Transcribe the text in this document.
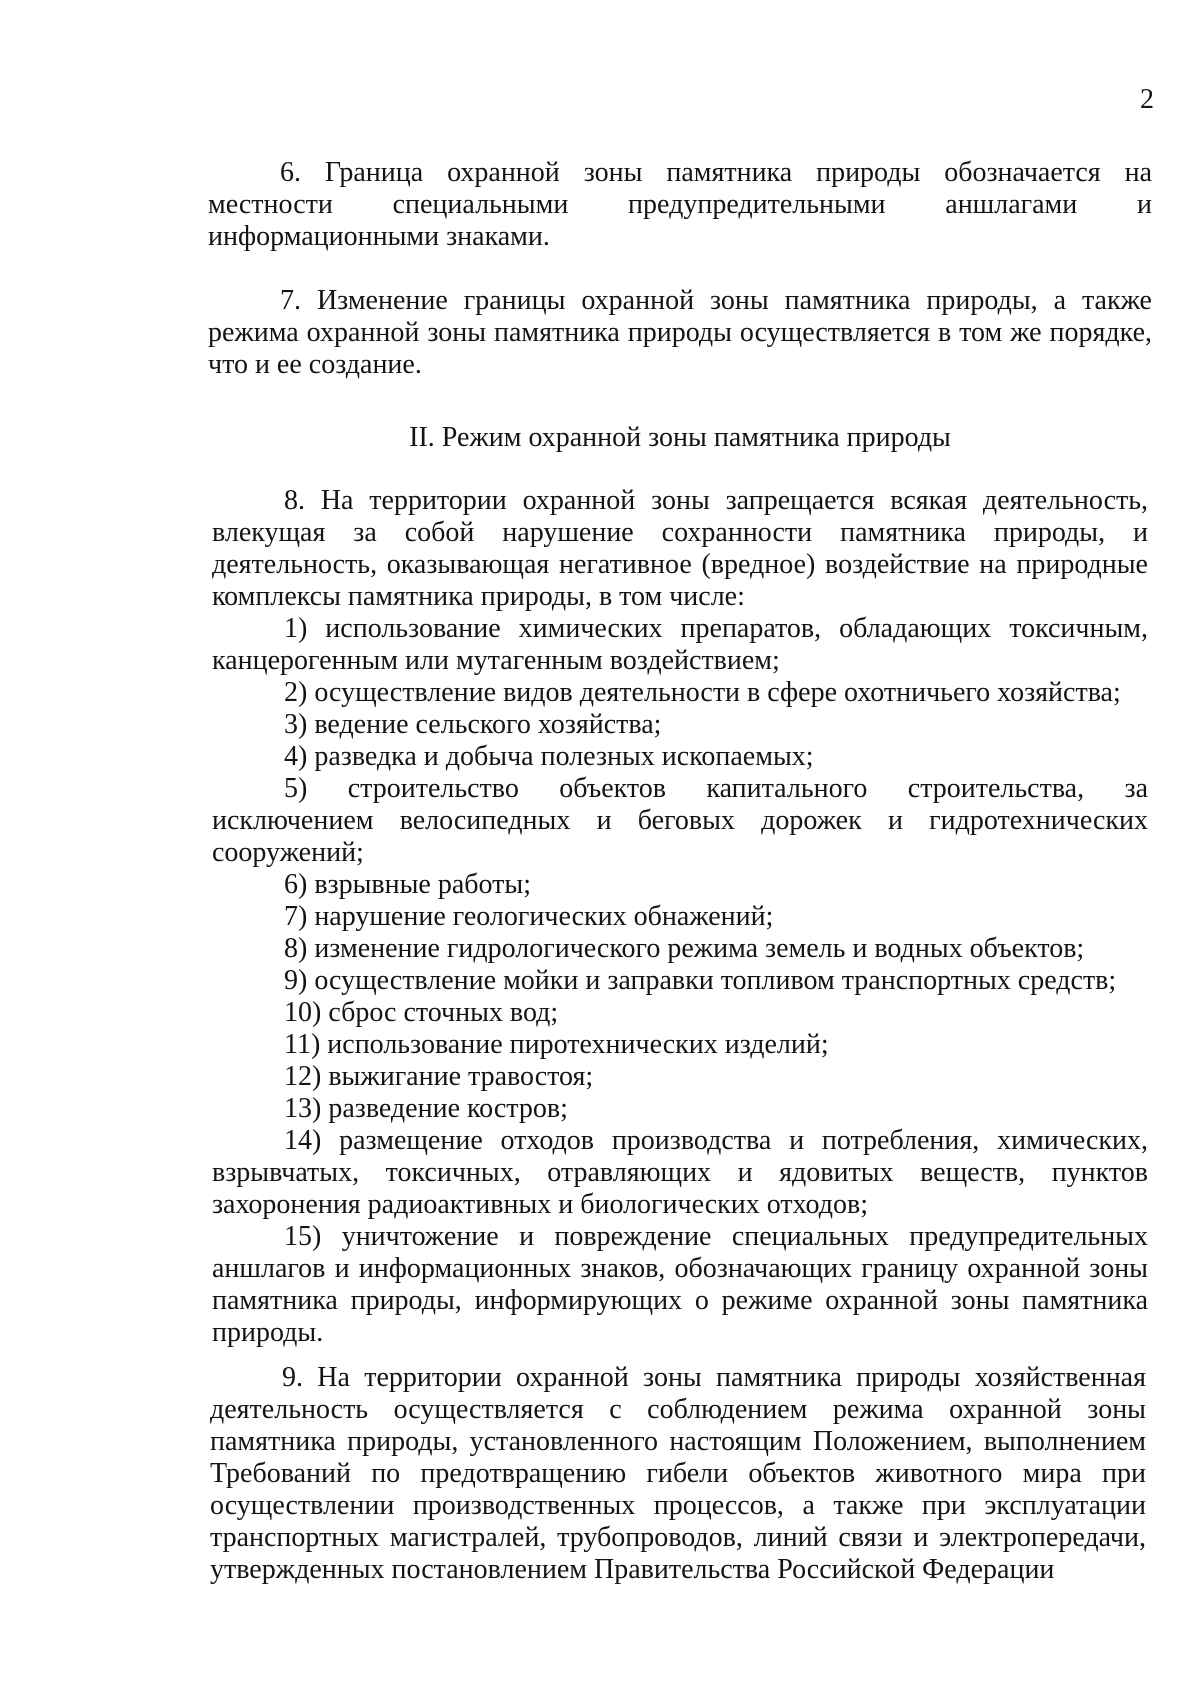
2

6. Граница охранной зоны памятника природы обозначается на местности специальными предупредительными аншлагами и информационными знаками.

7. Изменение границы охранной зоны памятника природы, а также режима охранной зоны памятника природы осуществляется в том же порядке, что и ее создание.

II. Режим охранной зоны памятника природы

8. На территории охранной зоны запрещается всякая деятельность, влекущая за собой нарушение сохранности памятника природы, и деятельность, оказывающая негативное (вредное) воздействие на природные комплексы памятника природы, в том числе:

1) использование химических препаратов, обладающих токсичным, канцерогенным или мутагенным воздействием;

2) осуществление видов деятельности в сфере охотничьего хозяйства;

3) ведение сельского хозяйства;

4) разведка и добыча полезных ископаемых;

5) строительство объектов капитального строительства, за исключением велосипедных и беговых дорожек и гидротехнических сооружений;

6) взрывные работы;

7) нарушение геологических обнажений;

8) изменение гидрологического режима земель и водных объектов;

9) осуществление мойки и заправки топливом транспортных средств;

10) сброс сточных вод;

11) использование пиротехнических изделий;

12) выжигание травостоя;

13) разведение костров;

14) размещение отходов производства и потребления, химических, взрывчатых, токсичных, отравляющих и ядовитых веществ, пунктов захоронения радиоактивных и биологических отходов;

15) уничтожение и повреждение специальных предупредительных аншлагов и информационных знаков, обозначающих границу охранной зоны памятника природы, информирующих о режиме охранной зоны памятника природы.

9. На территории охранной зоны памятника природы хозяйственная деятельность осуществляется с соблюдением режима охранной зоны памятника природы, установленного настоящим Положением, выполнением Требований по предотвращению гибели объектов животного мира при осуществлении производственных процессов, а также при эксплуатации транспортных магистралей, трубопроводов, линий связи и электропередачи, утвержденных постановлением Правительства Российской Федерации
